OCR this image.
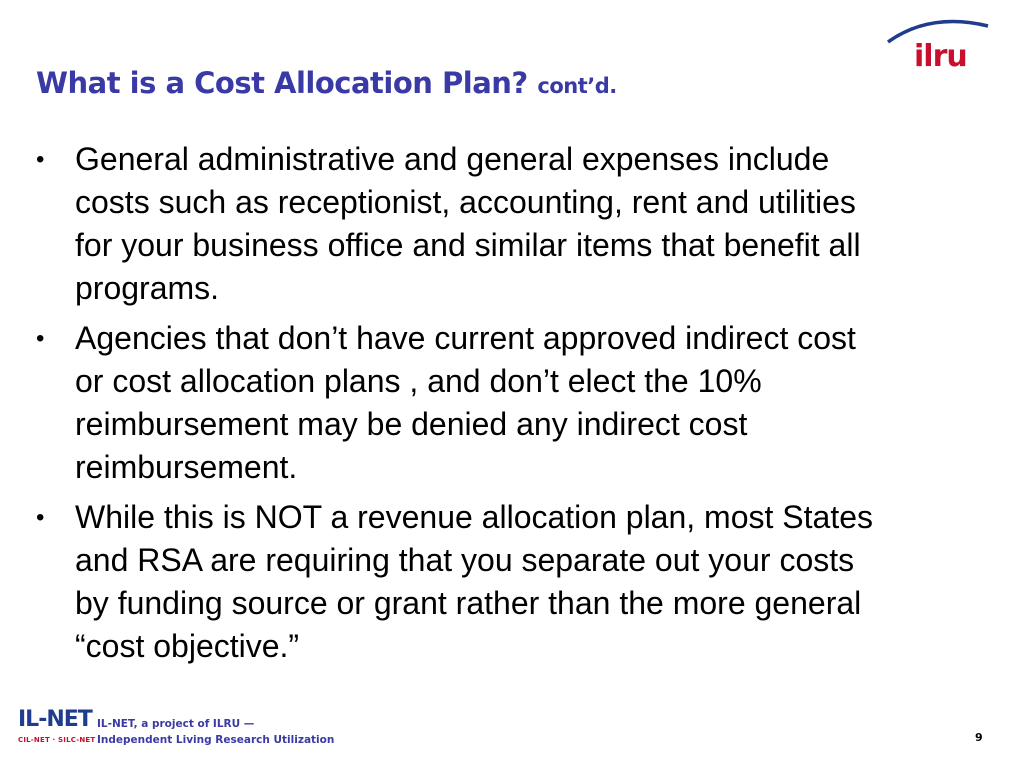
What is a Cost Allocation Plan? cont’d.
ilru
• General administrative and general expenses include
costs such as receptionist, accounting, rent and utilities
for your business office and similar items that benefit all
programs.
• Agencies that don’t have current approved indirect cost
or cost allocation plans , and don’t elect the 10%
reimbursement may be denied any indirect cost
reimbursement.
• While this is NOT a revenue allocation plan, most States
and RSA are requiring that you separate out your costs
by funding source or grant rather than the more general
“cost objective.”
IL-NET
CIL-NET · SILC-NET
IL-NET, a project of ILRU —
Independent Living Research Utilization	9
